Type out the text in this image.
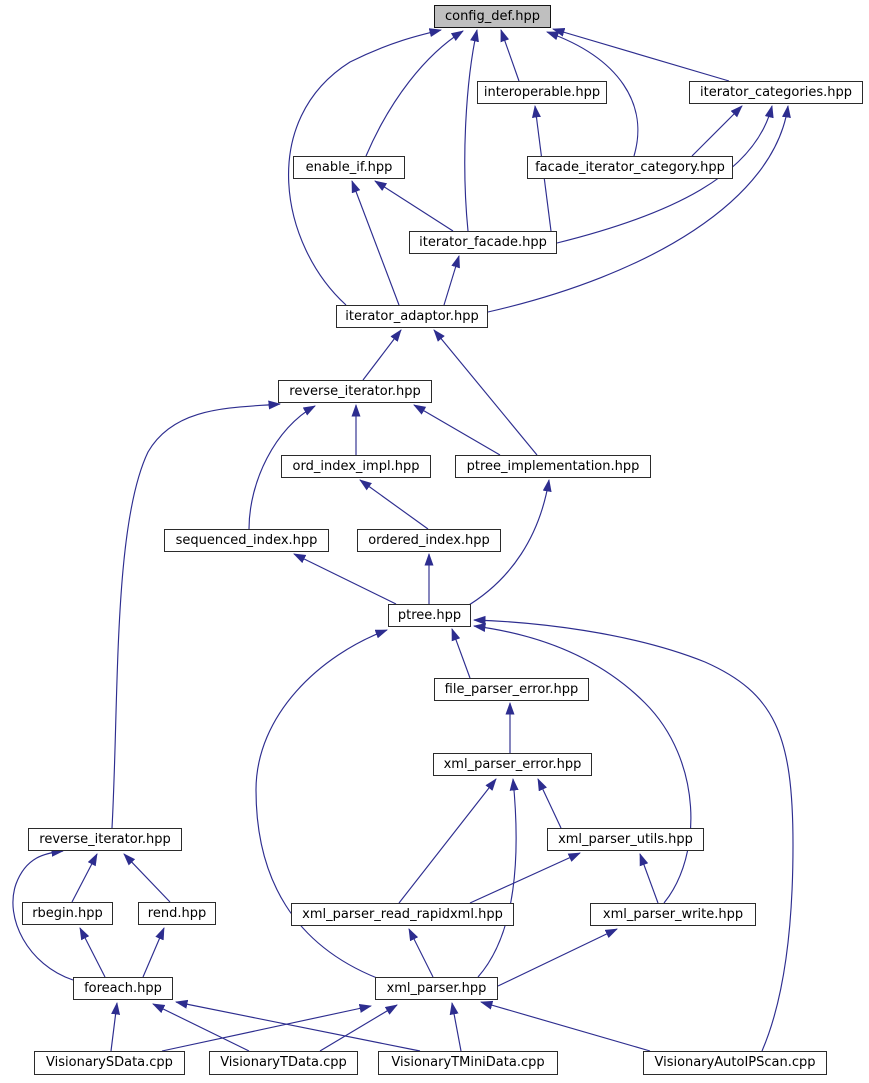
config_def.hpp
interoperable.hpp	iterator_categories.hpp
enable_if.hpp	facade_iterator_category.hpp
iterator_facade.hpp
iterator_adaptor.hpp
reverse_iterator.hpp
ord_index_impl.hpp	ptree_implementation.hpp
sequenced_index.hpp	ordered_index.hpp
ptree.hpp
file_parser_error.hpp
xml_parser_error.hpp
reverse_iterator.hpp	xml_parser_utils.hpp
rbegin.hpp	rend.hpp	xml_parser_read_rapidxml.hpp	xml_parser_write.hpp
foreach.hpp	xml_parser.hpp
VisionarySData.cpp	VisionaryTData.cpp	VisionaryTMiniData.cpp	VisionaryAutoIPScan.cpp
